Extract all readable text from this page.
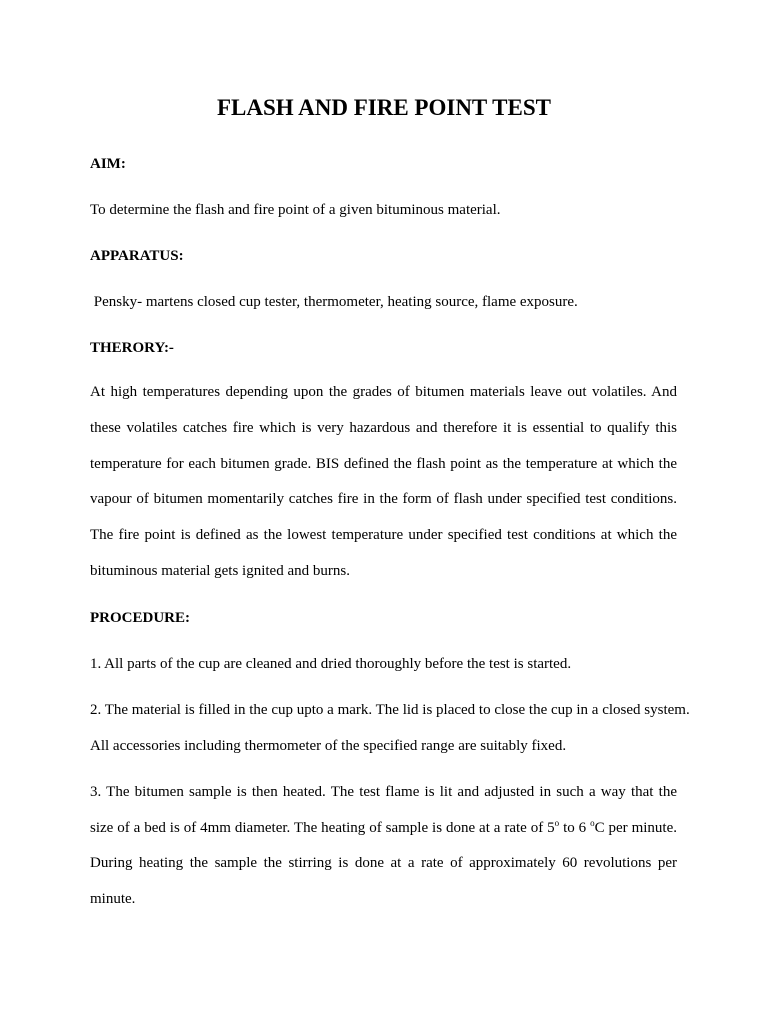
FLASH AND FIRE POINT TEST

AIM:

To determine the flash and fire point of a given bituminous material.

APPARATUS:

Pensky- martens closed cup tester, thermometer, heating source, flame exposure.

THERORY:-

At high temperatures depending upon the grades of bitumen materials leave out volatiles. And these volatiles catches fire which is very hazardous and therefore it is essential to qualify this temperature for each bitumen grade. BIS defined the flash point as the temperature at which the vapour of bitumen momentarily catches fire in the form of flash under specified test conditions. The fire point is defined as the lowest temperature under specified test conditions at which the bituminous material gets ignited and burns.

PROCEDURE:

1. All parts of the cup are cleaned and dried thoroughly before the test is started.

2. The material is filled in the cup upto a mark. The lid is placed to close the cup in a closed system.

All accessories including thermometer of the specified range are suitably fixed.

3. The bitumen sample is then heated. The test flame is lit and adjusted in such a way that the

size of a bed is of 4mm diameter. The heating of sample is done at a rate of 5$^o$ to 6 $^o$C per minute.

During heating the sample the stirring is done at a rate of approximately 60 revolutions per

minute.
